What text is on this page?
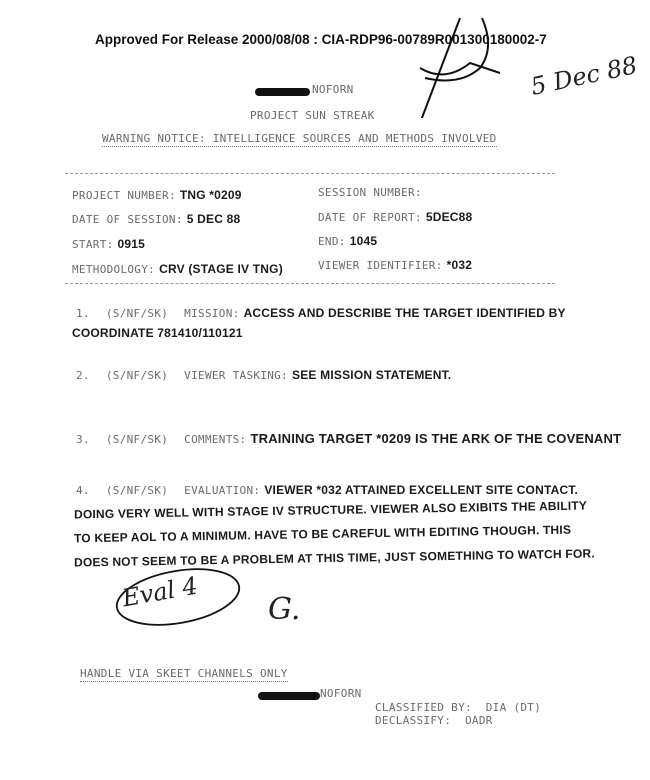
Approved For Release 2000/08/08 : CIA-RDP96-00789R001300180002-7
5 Dec 88
NOFORN
PROJECT SUN STREAK
WARNING NOTICE: INTELLIGENCE SOURCES AND METHODS INVOLVED
PROJECT NUMBER: TNG *0209	SESSION NUMBER:
DATE OF SESSION: 5 DEC 88	DATE OF REPORT: 5DEC88
START: 0915	END: 1045
METHODOLOGY: CRV (STAGE IV TNG)	VIEWER IDENTIFIER: *032
1.
(S/NF/SK)
MISSION: ACCESS AND DESCRIBE THE TARGET IDENTIFIED BY
COORDINATE 781410/110121
2.
(S/NF/SK)
VIEWER TASKING: SEE MISSION STATEMENT.
3.
(S/NF/SK)
COMMENTS: TRAINING TARGET *0209 IS THE ARK OF THE COVENANT
4.
(S/NF/SK)
EVALUATION: VIEWER *032 ATTAINED EXCELLENT SITE CONTACT.
DOING VERY WELL WITH STAGE IV STRUCTURE. VIEWER ALSO EXIBITS THE ABILITY
TO KEEP AOL TO A MINIMUM. HAVE TO BE CAREFUL WITH EDITING THOUGH. THIS
DOES NOT SEEM TO BE A PROBLEM AT THIS TIME, JUST SOMETHING TO WATCH FOR.
Eval 4 G.
HANDLE VIA SKEET CHANNELS ONLY
NOFORN
CLASSIFIED BY:  DIA (DT)
DECLASSIFY:  OADR
